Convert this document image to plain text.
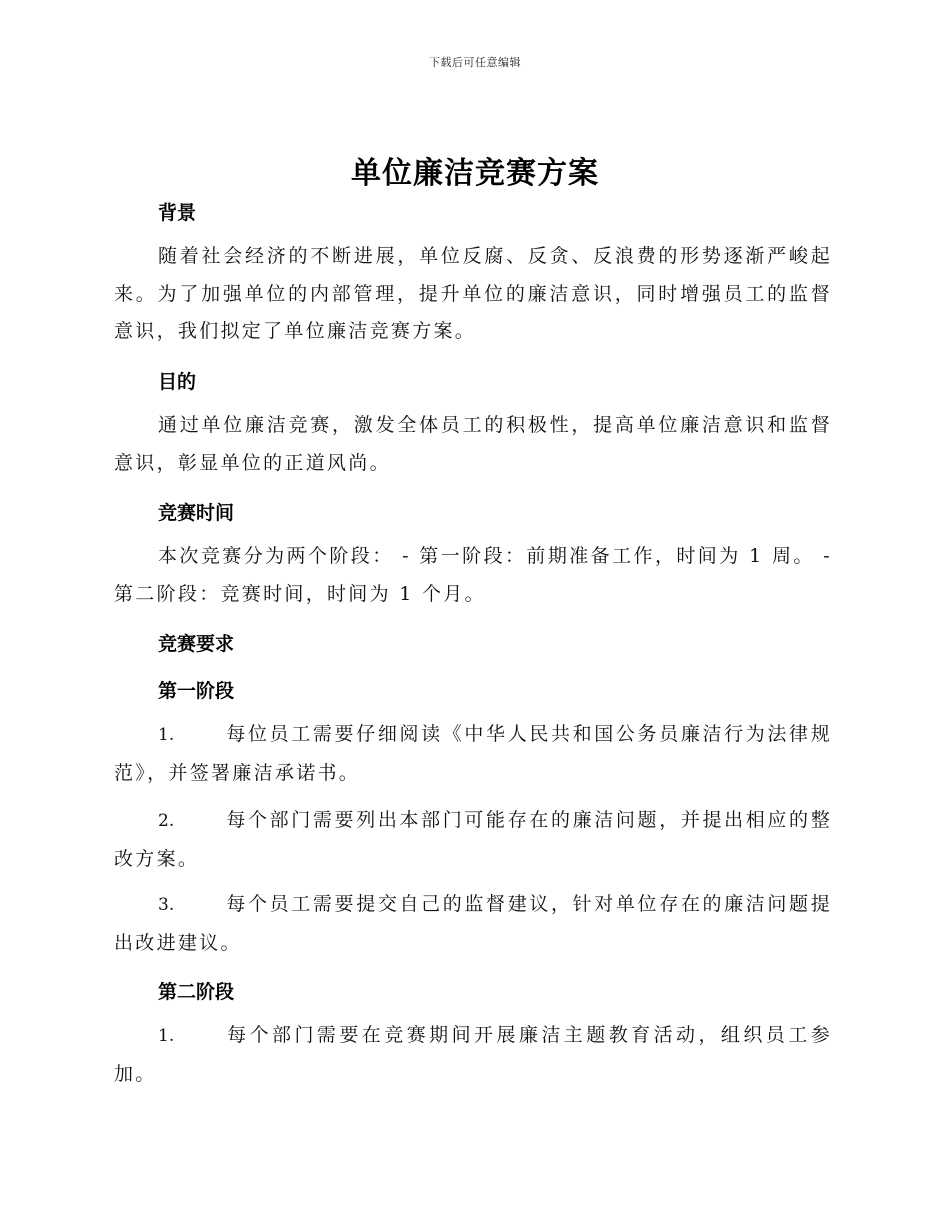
下载后可任意编辑
单位廉洁竞赛方案
背景
随着社会经济的不断进展，单位反腐、反贪、反浪费的形势逐渐严峻起来。为了加强单位的内部管理，提升单位的廉洁意识，同时增强员工的监督意识，我们拟定了单位廉洁竞赛方案。
目的
通过单位廉洁竞赛，激发全体员工的积极性，提高单位廉洁意识和监督意识，彰显单位的正道风尚。
竞赛时间
本次竞赛分为两个阶段： - 第一阶段：前期准备工作，时间为 1 周。 - 第二阶段：竞赛时间，时间为 1 个月。
竞赛要求
第一阶段
1.	每位员工需要仔细阅读《中华人民共和国公务员廉洁行为法律规范》，并签署廉洁承诺书。
2.	每个部门需要列出本部门可能存在的廉洁问题，并提出相应的整改方案。
3.	每个员工需要提交自己的监督建议，针对单位存在的廉洁问题提出改进建议。
第二阶段
1.	每个部门需要在竞赛期间开展廉洁主题教育活动，组织员工参加。
